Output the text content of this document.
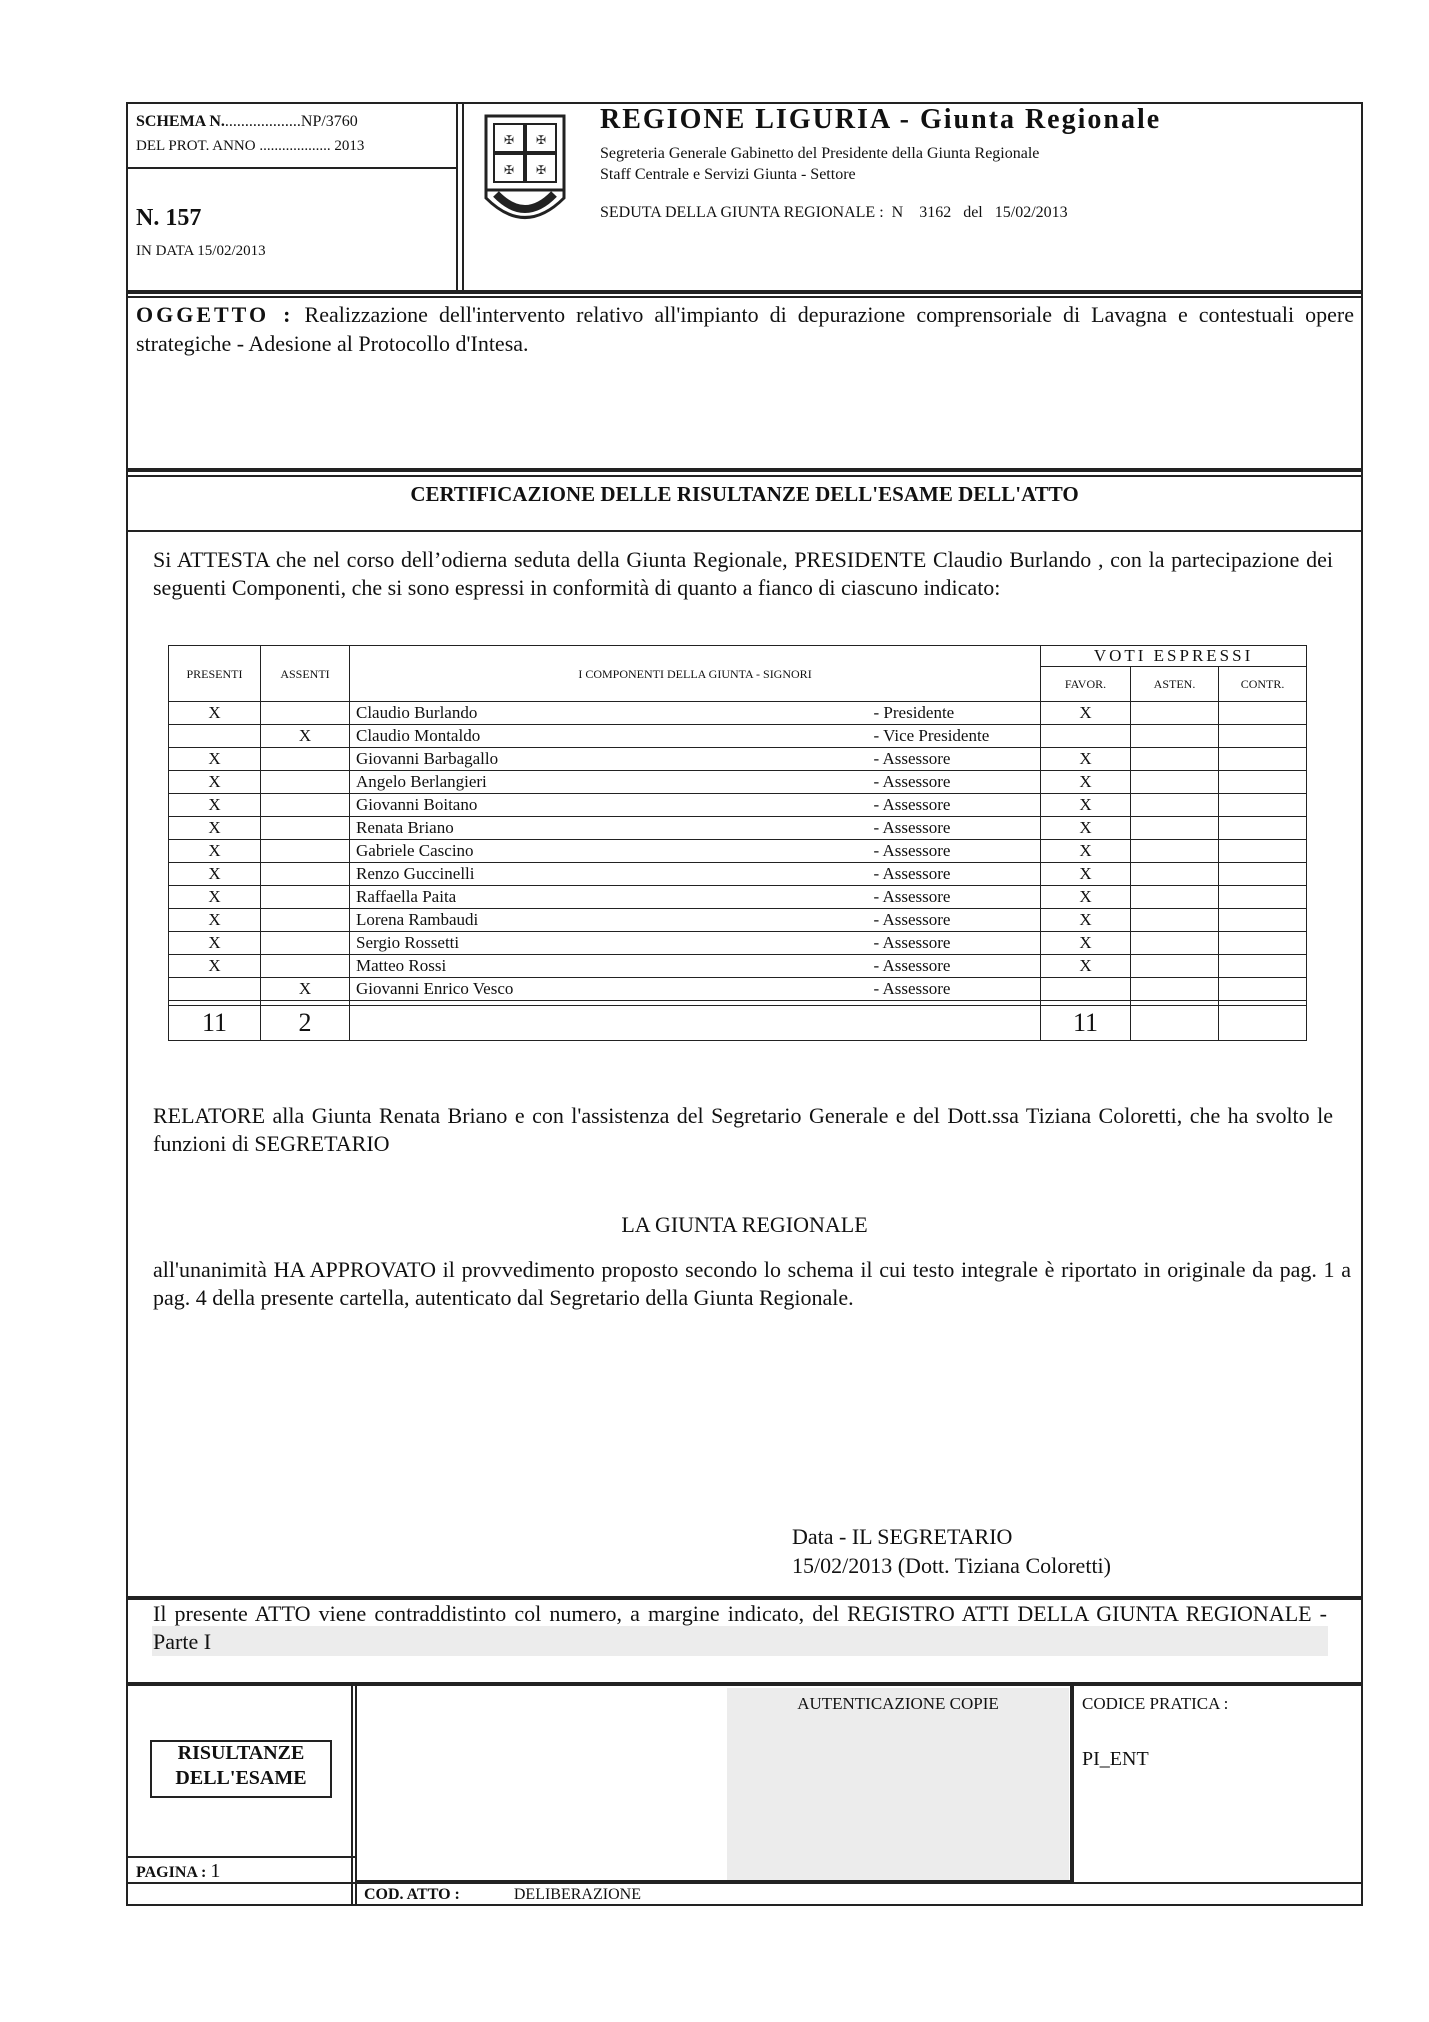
SCHEMA N....................NP/3760
DEL PROT. ANNO ................... 2013
N. 157
IN DATA 15/02/2013
✠ ✠
✠ ✠
REGIONE LIGURIA - Giunta Regionale
Segreteria Generale Gabinetto del Presidente della Giunta Regionale
Staff Centrale e Servizi Giunta - Settore
SEDUTA DELLA GIUNTA REGIONALE : N 3162 del 15/02/2013
OGGETTO : Realizzazione dell'intervento relativo all'impianto di depurazione comprensoriale di Lavagna e contestuali opere strategiche - Adesione al Protocollo d'Intesa.
CERTIFICAZIONE DELLE RISULTANZE DELL'ESAME DELL'ATTO
Si ATTESTA che nel corso dell’odierna seduta della Giunta Regionale, PRESIDENTE Claudio Burlando , con la partecipazione dei seguenti Componenti, che si sono espressi in conformità di quanto a fianco di ciascuno indicato:
PRESENTI	ASSENTI	I COMPONENTI DELLA GIUNTA - SIGNORI		VOTI ESPRESSI		
				FAVOR.	ASTEN.	CONTR.
X		Claudio Burlando	- Presidente	X		
	X	Claudio Montaldo	- Vice Presidente			
X		Giovanni Barbagallo	- Assessore	X		
X		Angelo Berlangieri	- Assessore	X		
X		Giovanni Boitano	- Assessore	X		
X		Renata Briano	- Assessore	X		
X		Gabriele Cascino	- Assessore	X		
X		Renzo Guccinelli	- Assessore	X		
X		Raffaella Paita	- Assessore	X		
X		Lorena Rambaudi	- Assessore	X		
X		Sergio Rossetti	- Assessore	X		
X		Matteo Rossi	- Assessore	X		
	X	Giovanni Enrico Vesco	- Assessore			

11	2			11		
RELATORE alla Giunta Renata Briano e con l'assistenza del Segretario Generale e del Dott.ssa Tiziana Coloretti, che ha svolto le funzioni di SEGRETARIO
LA GIUNTA REGIONALE
all'unanimità HA APPROVATO il provvedimento proposto secondo lo schema il cui testo integrale è riportato in originale da pag. 1 a pag. 4 della presente cartella, autenticato dal Segretario della Giunta Regionale.
Data - IL SEGRETARIO
15/02/2013 (Dott. Tiziana Coloretti)
Il presente ATTO viene contraddistinto col numero, a margine indicato, del REGISTRO ATTI DELLA GIUNTA REGIONALE - Parte I
RISULTANZE
DELL'ESAME
PAGINA : 1
AUTENTICAZIONE COPIE	CODICE PRATICA :
PI_ENT
COD. ATTO :	DELIBERAZIONE
